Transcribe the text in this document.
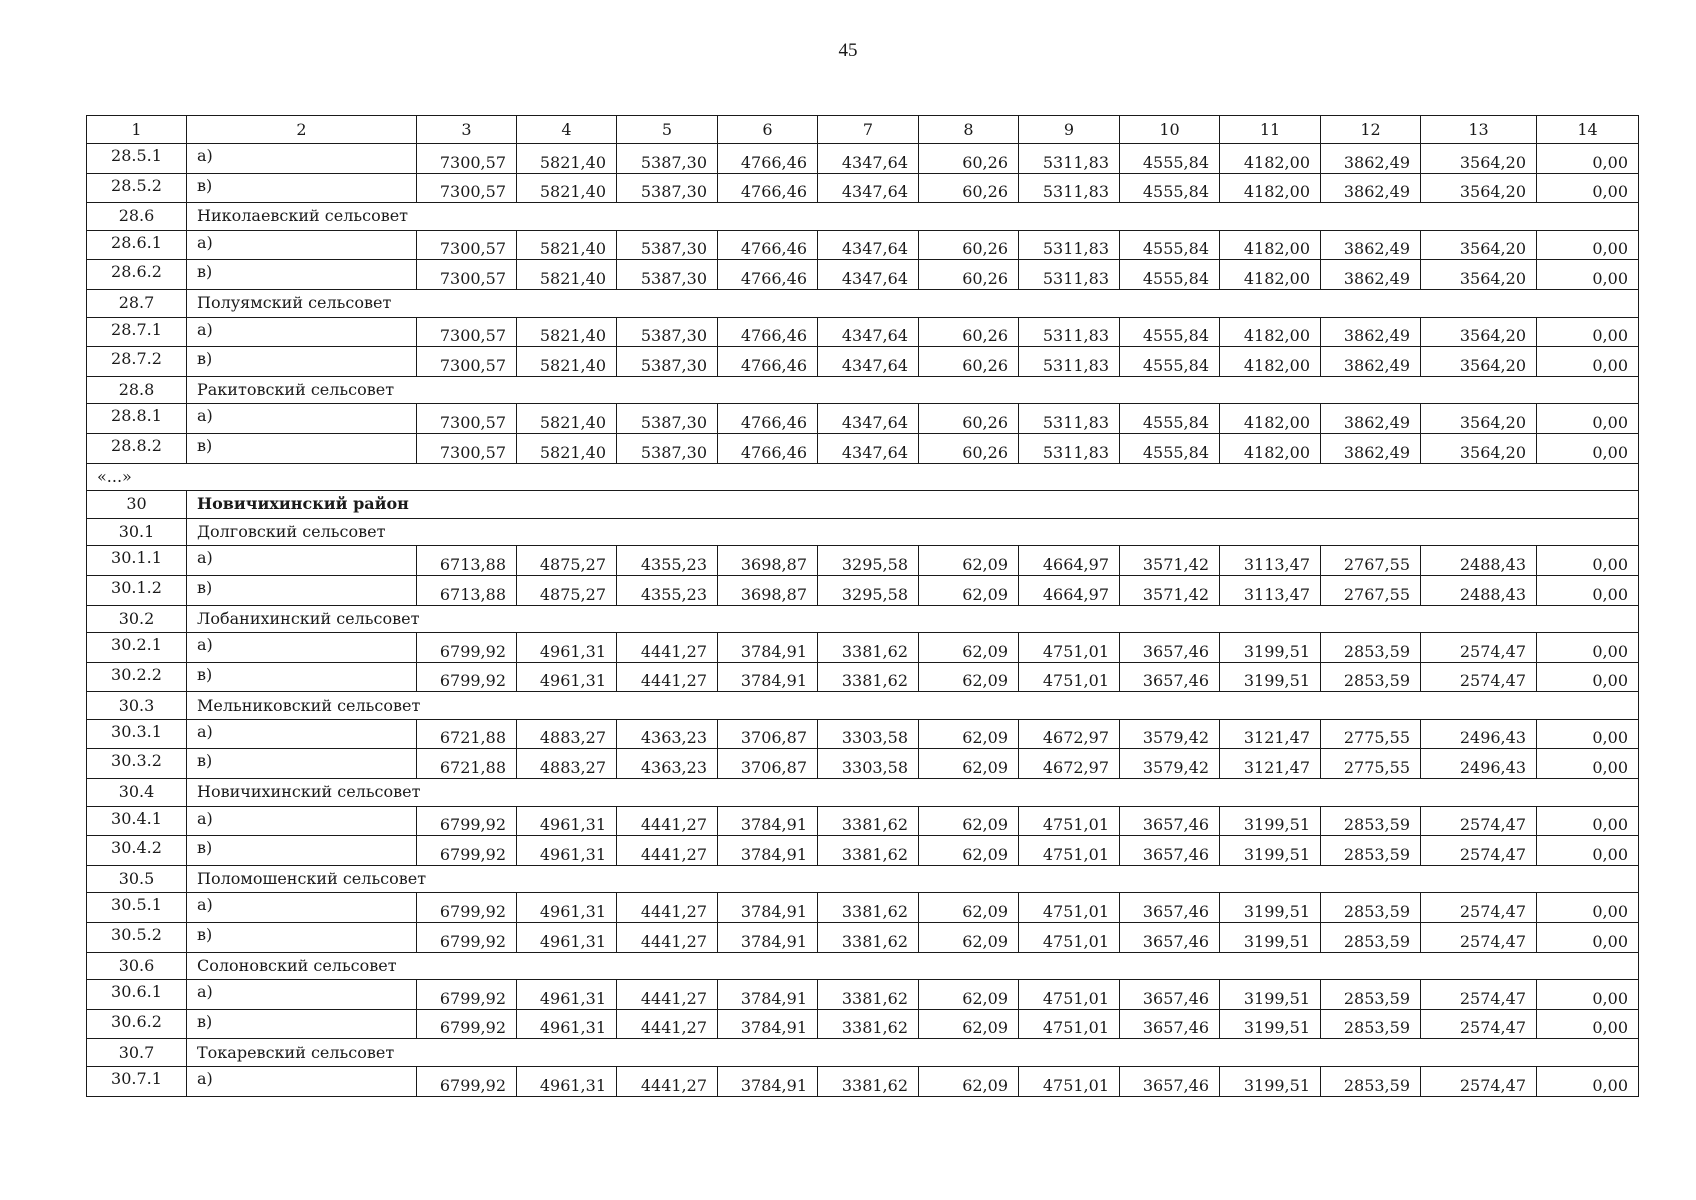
45
1	2	3	4	5	6	7	8	9	10	11	12	13	14
28.5.1	а)	7300,57	5821,40	5387,30	4766,46	4347,64	60,26	5311,83	4555,84	4182,00	3862,49	3564,20	0,00
28.5.2	в)	7300,57	5821,40	5387,30	4766,46	4347,64	60,26	5311,83	4555,84	4182,00	3862,49	3564,20	0,00
28.6	Николаевский сельсовет												
28.6.1	а)	7300,57	5821,40	5387,30	4766,46	4347,64	60,26	5311,83	4555,84	4182,00	3862,49	3564,20	0,00
28.6.2	в)	7300,57	5821,40	5387,30	4766,46	4347,64	60,26	5311,83	4555,84	4182,00	3862,49	3564,20	0,00
28.7	Полуямский сельсовет												
28.7.1	а)	7300,57	5821,40	5387,30	4766,46	4347,64	60,26	5311,83	4555,84	4182,00	3862,49	3564,20	0,00
28.7.2	в)	7300,57	5821,40	5387,30	4766,46	4347,64	60,26	5311,83	4555,84	4182,00	3862,49	3564,20	0,00
28.8	Ракитовский сельсовет												
28.8.1	а)	7300,57	5821,40	5387,30	4766,46	4347,64	60,26	5311,83	4555,84	4182,00	3862,49	3564,20	0,00
28.8.2	в)	7300,57	5821,40	5387,30	4766,46	4347,64	60,26	5311,83	4555,84	4182,00	3862,49	3564,20	0,00
«...»													
30	Новичихинский район												
30.1	Долговский сельсовет												
30.1.1	а)	6713,88	4875,27	4355,23	3698,87	3295,58	62,09	4664,97	3571,42	3113,47	2767,55	2488,43	0,00
30.1.2	в)	6713,88	4875,27	4355,23	3698,87	3295,58	62,09	4664,97	3571,42	3113,47	2767,55	2488,43	0,00
30.2	Лобанихинский сельсовет												
30.2.1	а)	6799,92	4961,31	4441,27	3784,91	3381,62	62,09	4751,01	3657,46	3199,51	2853,59	2574,47	0,00
30.2.2	в)	6799,92	4961,31	4441,27	3784,91	3381,62	62,09	4751,01	3657,46	3199,51	2853,59	2574,47	0,00
30.3	Мельниковский сельсовет												
30.3.1	а)	6721,88	4883,27	4363,23	3706,87	3303,58	62,09	4672,97	3579,42	3121,47	2775,55	2496,43	0,00
30.3.2	в)	6721,88	4883,27	4363,23	3706,87	3303,58	62,09	4672,97	3579,42	3121,47	2775,55	2496,43	0,00
30.4	Новичихинский сельсовет												
30.4.1	а)	6799,92	4961,31	4441,27	3784,91	3381,62	62,09	4751,01	3657,46	3199,51	2853,59	2574,47	0,00
30.4.2	в)	6799,92	4961,31	4441,27	3784,91	3381,62	62,09	4751,01	3657,46	3199,51	2853,59	2574,47	0,00
30.5	Поломошенский сельсовет												
30.5.1	а)	6799,92	4961,31	4441,27	3784,91	3381,62	62,09	4751,01	3657,46	3199,51	2853,59	2574,47	0,00
30.5.2	в)	6799,92	4961,31	4441,27	3784,91	3381,62	62,09	4751,01	3657,46	3199,51	2853,59	2574,47	0,00
30.6	Солоновский сельсовет												
30.6.1	а)	6799,92	4961,31	4441,27	3784,91	3381,62	62,09	4751,01	3657,46	3199,51	2853,59	2574,47	0,00
30.6.2	в)	6799,92	4961,31	4441,27	3784,91	3381,62	62,09	4751,01	3657,46	3199,51	2853,59	2574,47	0,00
30.7	Токаревский сельсовет												
30.7.1	а)	6799,92	4961,31	4441,27	3784,91	3381,62	62,09	4751,01	3657,46	3199,51	2853,59	2574,47	0,00
